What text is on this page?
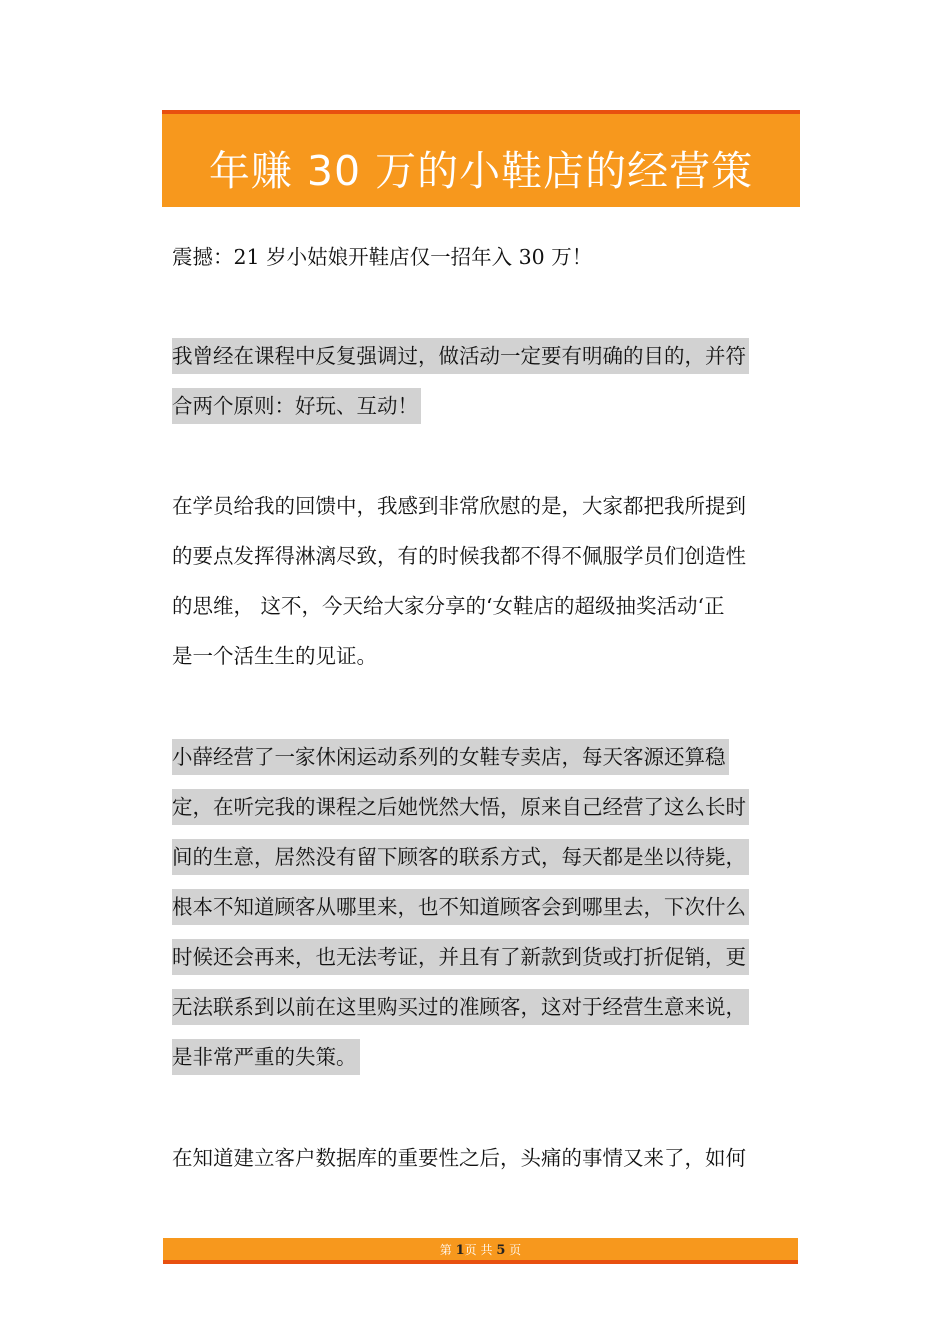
年赚 30 万的小鞋店的经营策
震撼：21 岁小姑娘开鞋店仅一招年入 30 万！
我曾经在课程中反复强调过，做活动一定要有明确的目的，并符
合两个原则：好玩、互动！
在学员给我的回馈中，我感到非常欣慰的是，大家都把我所提到
的要点发挥得淋漓尽致，有的时候我都不得不佩服学员们创造性
的思维， 这不，今天给大家分享的‘女鞋店的超级抽奖活动‘正
是一个活生生的见证。
小薛经营了一家休闲运动系列的女鞋专卖店，每天客源还算稳
定，在听完我的课程之后她恍然大悟，原来自己经营了这么长时
间的生意，居然没有留下顾客的联系方式，每天都是坐以待毙，
根本不知道顾客从哪里来，也不知道顾客会到哪里去，下次什么
时候还会再来，也无法考证，并且有了新款到货或打折促销，更
无法联系到以前在这里购买过的准顾客，这对于经营生意来说，
是非常严重的失策。
在知道建立客户数据库的重要性之后，头痛的事情又来了，如何
第 1页 共 5 页
